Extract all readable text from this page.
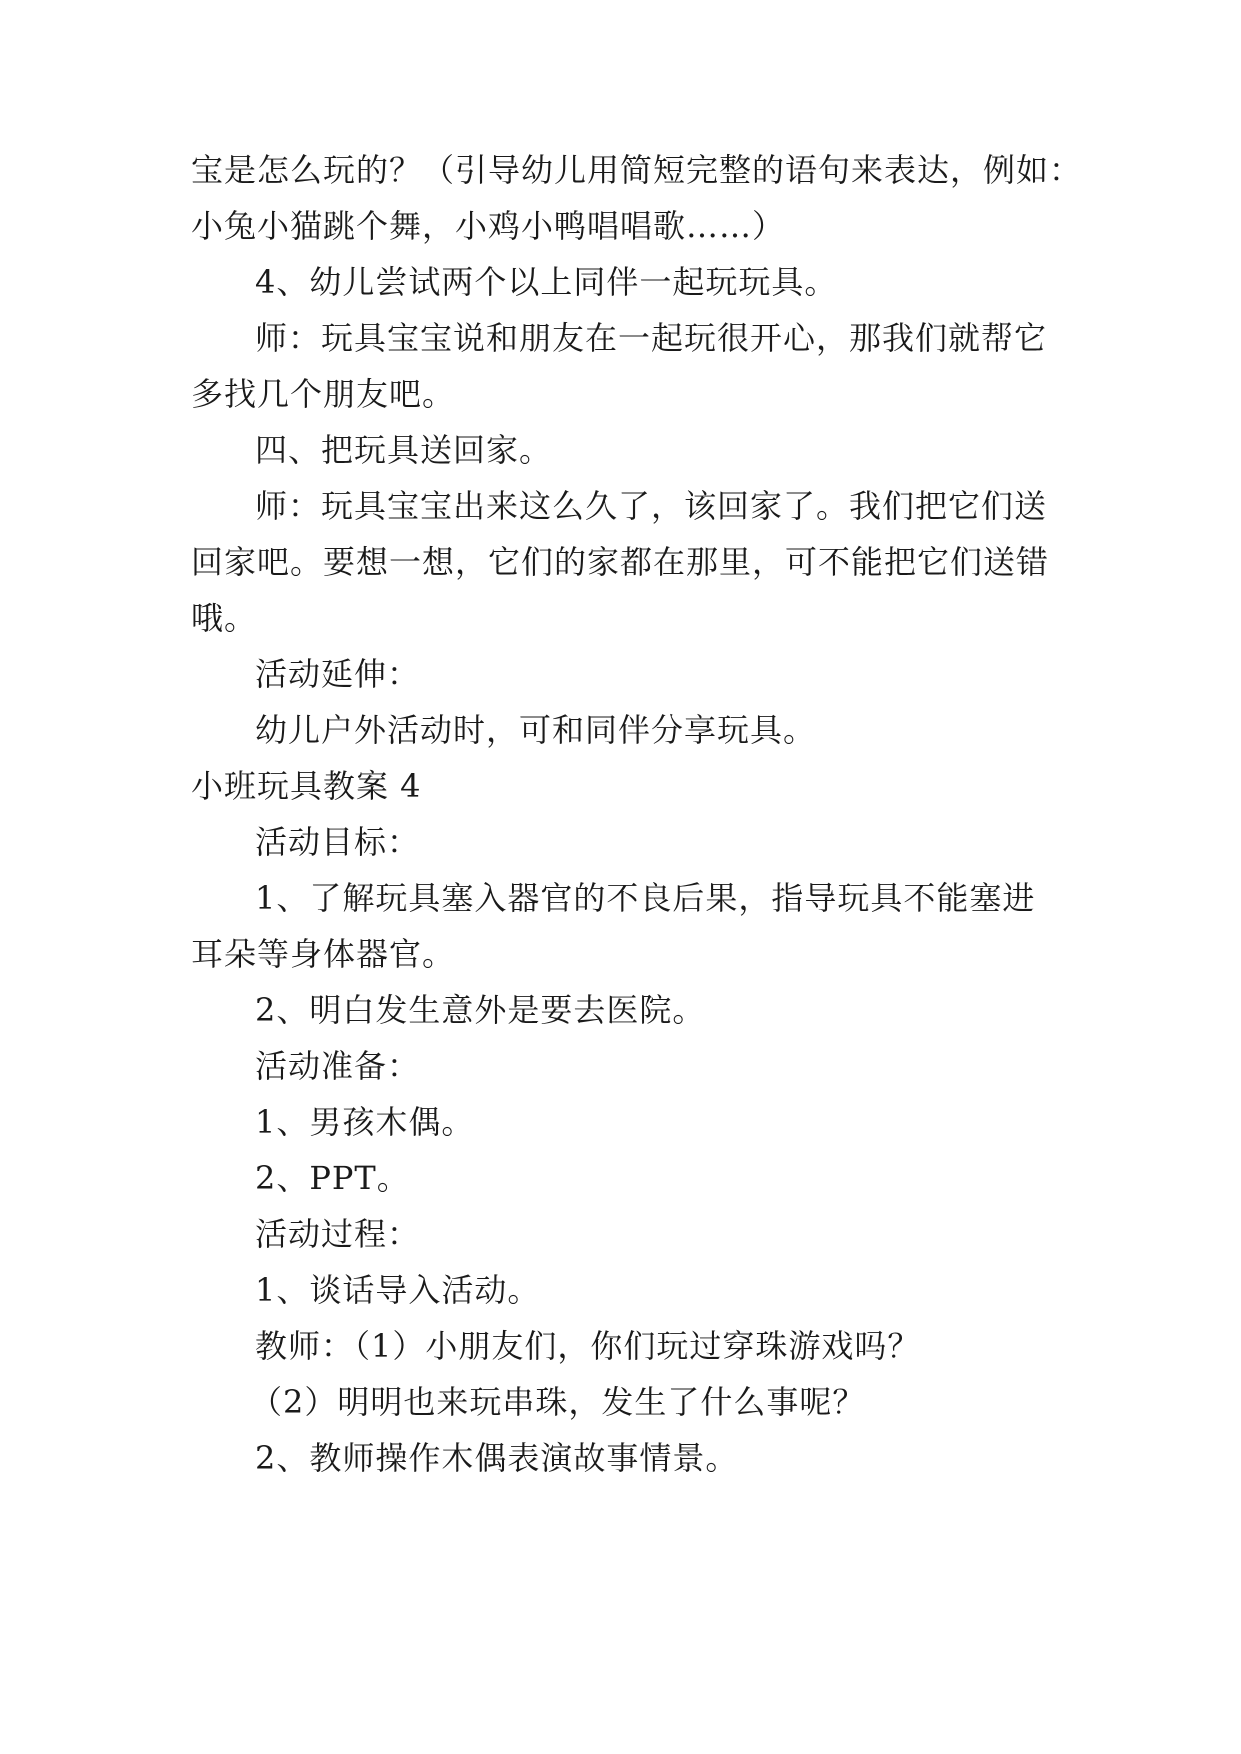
宝是怎么玩的？（引导幼儿用简短完整的语句来表达，例如：
小兔小猫跳个舞，小鸡小鸭唱唱歌……）
4、幼儿尝试两个以上同伴一起玩玩具。
师：玩具宝宝说和朋友在一起玩很开心，那我们就帮它
多找几个朋友吧。
四、把玩具送回家。
师：玩具宝宝出来这么久了，该回家了。我们把它们送
回家吧。要想一想，它们的家都在那里，可不能把它们送错
哦。
活动延伸：
幼儿户外活动时，可和同伴分享玩具。
小班玩具教案 4
活动目标：
1、了解玩具塞入器官的不良后果，指导玩具不能塞进
耳朵等身体器官。
2、明白发生意外是要去医院。
活动准备：
1、男孩木偶。
2、PPT。
活动过程：
1、谈话导入活动。
教师：（1）小朋友们，你们玩过穿珠游戏吗？
（2）明明也来玩串珠，发生了什么事呢？
2、教师操作木偶表演故事情景。
